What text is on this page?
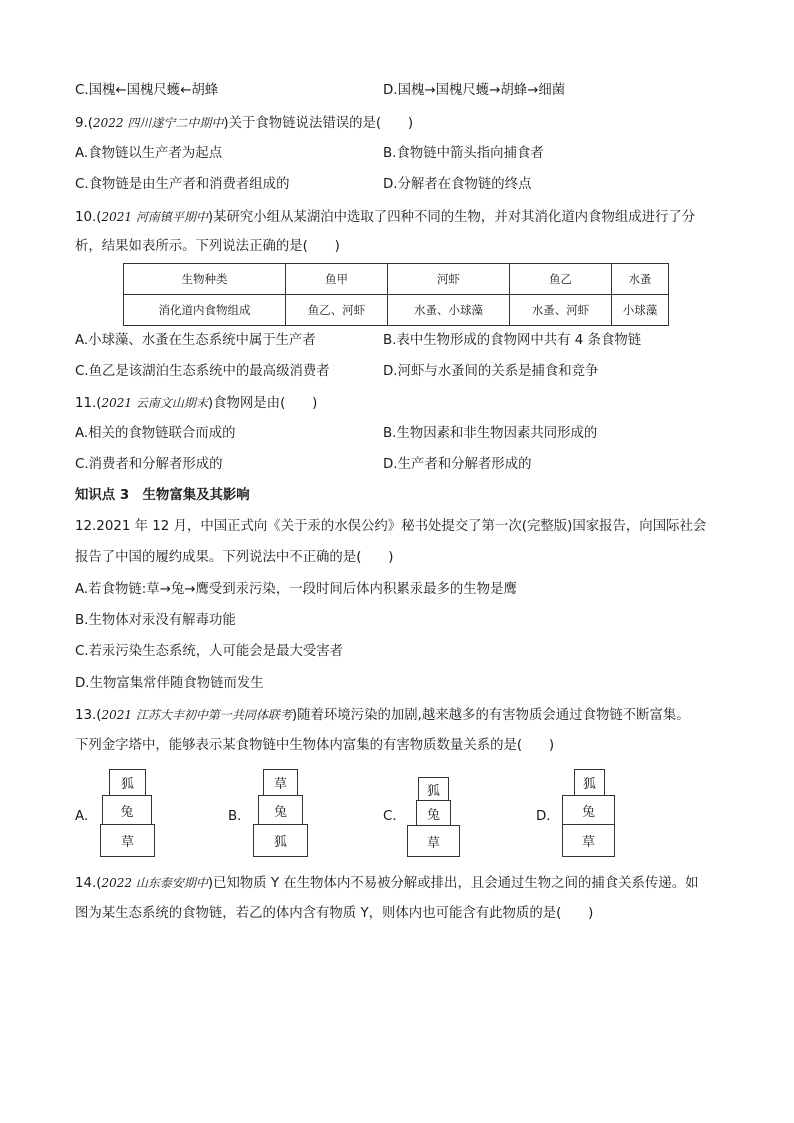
C.国槐←国槐尺蠖←胡蜂	D.国槐→国槐尺蠖→胡蜂→细菌
9.(2022 四川遂宁二中期中)关于食物链说法错误的是(　　)
A.食物链以生产者为起点	B.食物链中箭头指向捕食者
C.食物链是由生产者和消费者组成的	D.分解者在食物链的终点
10.(2021 河南镇平期中)某研究小组从某湖泊中选取了四种不同的生物，并对其消化道内食物组成进行了分
析，结果如表所示。下列说法正确的是(　　)
生物种类	鱼甲	河虾	鱼乙	水蚤
消化道内食物组成	鱼乙、河虾	水蚤、小球藻	水蚤、河虾	小球藻
A.小球藻、水蚤在生态系统中属于生产者	B.表中生物形成的食物网中共有 4 条食物链
C.鱼乙是该湖泊生态系统中的最高级消费者	D.河虾与水蚤间的关系是捕食和竞争
11.(2021 云南文山期末)食物网是由(　　)
A.相关的食物链联合而成的	B.生物因素和非生物因素共同形成的
C.消费者和分解者形成的	D.生产者和分解者形成的
知识点 3　生物富集及其影响
12.2021 年 12 月，中国正式向《关于汞的水俣公约》秘书处提交了第一次(完整版)国家报告，向国际社会
报告了中国的履约成果。下列说法中不正确的是(　　)
A.若食物链:草→兔→鹰受到汞污染，一段时间后体内积累汞最多的生物是鹰
B.生物体对汞没有解毒功能
C.若汞污染生态系统，人可能会是最大受害者
D.生物富集常伴随食物链而发生
13.(2021 江苏大丰初中第一共同体联考)随着环境污染的加剧,越来越多的有害物质会通过食物链不断富集。
下列金字塔中，能够表示某食物链中生物体内富集的有害物质数量关系的是(　　)
A．
狐
兔
草
B．
草
兔
狐
C．
狐
兔
草
D．
狐
兔
草
14.(2022 山东泰安期中)已知物质 Y 在生物体内不易被分解或排出，且会通过生物之间的捕食关系传递。如
图为某生态系统的食物链，若乙的体内含有物质 Y，则体内也可能含有此物质的是(　　)
